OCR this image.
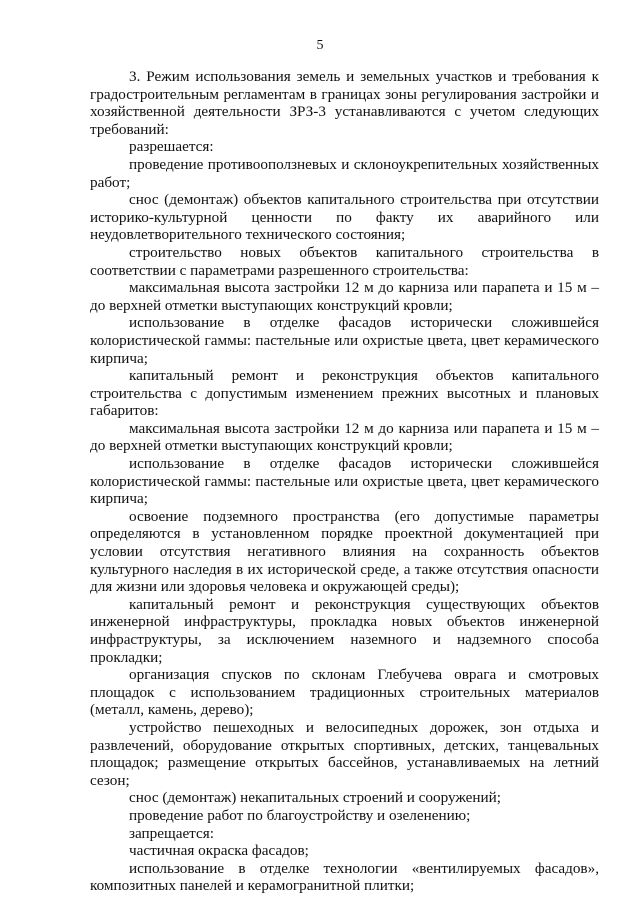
5

3. Режим использования земель и земельных участков и требования к градостроительным регламентам в границах зоны регулирования застройки и хозяйственной деятельности ЗРЗ-3 устанавливаются с учетом следующих требований:

разрешается:

проведение противооползневых и склоноукрепительных хозяйственных работ;

снос (демонтаж) объектов капитального строительства при отсутствии историко-культурной ценности по факту их аварийного или неудовлетворительного технического состояния;

строительство новых объектов капитального строительства в соответствии с параметрами разрешенного строительства:

максимальная высота застройки 12 м до карниза или парапета и 15 м – до верхней отметки выступающих конструкций кровли;

использование в отделке фасадов исторически сложившейся колористической гаммы: пастельные или охристые цвета, цвет керамического кирпича;

капитальный ремонт и реконструкция объектов капитального строительства с допустимым изменением прежних высотных и плановых габаритов:

максимальная высота застройки 12 м до карниза или парапета и 15 м – до верхней отметки выступающих конструкций кровли;

использование в отделке фасадов исторически сложившейся колористической гаммы: пастельные или охристые цвета, цвет керамического кирпича;

освоение подземного пространства (его допустимые параметры определяются в установленном порядке проектной документацией при условии отсутствия негативного влияния на сохранность объектов культурного наследия в их исторической среде, а также отсутствия опасности для жизни или здоровья человека и окружающей среды);

капитальный ремонт и реконструкция существующих объектов инженерной инфраструктуры, прокладка новых объектов инженерной инфраструктуры, за исключением наземного и надземного способа прокладки;

организация спусков по склонам Глебучева оврага и смотровых площадок с использованием традиционных строительных материалов (металл, камень, дерево);

устройство пешеходных и велосипедных дорожек, зон отдыха и развлечений, оборудование открытых спортивных, детских, танцевальных площадок; размещение открытых бассейнов, устанавливаемых на летний сезон;

снос (демонтаж) некапитальных строений и сооружений;

проведение работ по благоустройству и озеленению;

запрещается:

частичная окраска фасадов;

использование в отделке технологии «вентилируемых фасадов», композитных панелей и керамогранитной плитки;
